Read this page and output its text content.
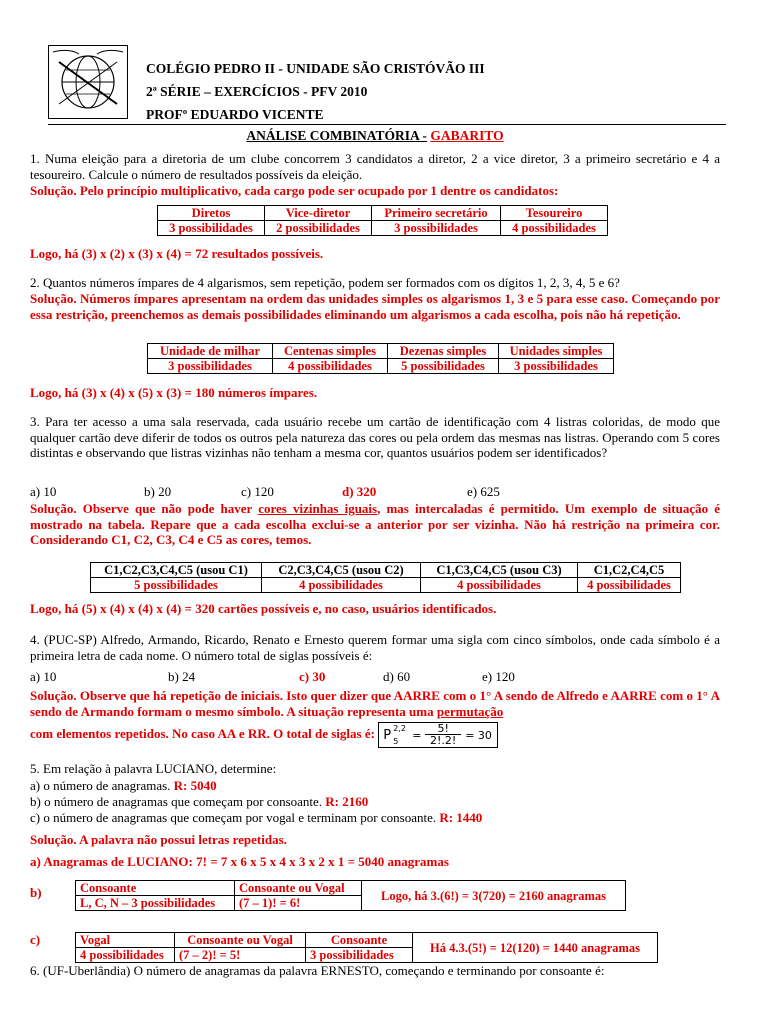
COLÉGIO PEDRO II - UNIDADE SÃO CRISTÓVÃO III
2ª SÉRIE – EXERCÍCIOS - PFV 2010
PROFº EDUARDO VICENTE
ANÁLISE COMBINATÓRIA - GABARITO
1. Numa eleição para a diretoria de um clube concorrem 3 candidatos a diretor, 2 a vice diretor, 3 a primeiro secretário e 4 a tesoureiro. Calcule o número de resultados possíveis da eleição.
Solução. Pelo princípio multiplicativo, cada cargo pode ser ocupado por 1 dentre os candidatos:
Diretos	Vice-diretor	Primeiro secretário	Tesoureiro
3 possibilidades	2 possibilidades	3 possibilidades	4 possibilidades
Logo, há (3) x (2) x (3) x (4) = 72 resultados possíveis.
2. Quantos números ímpares de 4 algarismos, sem repetição, podem ser formados com os dígitos 1, 2, 3, 4, 5 e 6?
Solução. Números ímpares apresentam na ordem das unidades simples os algarismos 1, 3 e 5 para esse caso. Começando por essa restrição, preenchemos as demais possibilidades eliminando um algarismos a cada escolha, pois não há repetição.
Unidade de milhar	Centenas simples	Dezenas simples	Unidades simples
3 possibilidades	4 possibilidades	5 possibilidades	3 possibilidades
Logo, há (3) x (4) x (5) x (3) = 180 números ímpares.
3. Para ter acesso a uma sala reservada, cada usuário recebe um cartão de identificação com 4 listras coloridas, de modo que qualquer cartão deve diferir de todos os outros pela natureza das cores ou pela ordem das mesmas nas listras. Operando com 5 cores distintas e observando que listras vizinhas não tenham a mesma cor, quantos usuários podem ser identificados?
a) 10	b) 20	c) 120	d) 320	e) 625
Solução. Observe que não pode haver cores vizinhas iguais, mas intercaladas é permitido. Um exemplo de situação é mostrado na tabela. Repare que a cada escolha exclui-se a anterior por ser vizinha. Não há restrição na primeira cor. Considerando C1, C2, C3, C4 e C5 as cores, temos.
C1,C2,C3,C4,C5 (usou C1)	C2,C3,C4,C5 (usou C2)	C1,C3,C4,C5 (usou C3)	C1,C2,C4,C5
5 possibilidades	4 possibilidades	4 possibilidades	4 possibilidades
Logo, há (5) x (4) x (4) x (4) = 320 cartões possíveis e, no caso, usuários identificados.
4. (PUC-SP) Alfredo, Armando, Ricardo, Renato e Ernesto querem formar uma sigla com cinco símbolos, onde cada símbolo é a primeira letra de cada nome. O número total de siglas possíveis é:
a) 10	b) 24	c) 30	d) 60	e) 120
Solução. Observe que há repetição de iniciais. Isto quer dizer que AARRE com o 1° A sendo de Alfredo e AARRE com o 1° A sendo de Armando formam o mesmo símbolo. A situação representa uma permutação
com elementos repetidos. No caso AA e RR. O total de siglas é: P 2,2
5 =
5!
2!.2! = 30
5. Em relação à palavra LUCIANO, determine:
a) o número de anagramas. R: 5040
b) o número de anagramas que começam por consoante. R: 2160
c) o número de anagramas que começam por vogal e terminam por consoante. R: 1440
Solução. A palavra não possui letras repetidas.
a) Anagramas de LUCIANO: 7! = 7 x 6 x 5 x 4 x 3 x 2 x 1 = 5040 anagramas
b)	Consoante	Consoante ou Vogal	Logo, há 3.(6!) = 3(720) = 2160 anagramas
L, C, N – 3 possibilidades	(7 – 1)! = 6!	
c)	Vogal	Consoante ou Vogal	Consoante	Há 4.3.(5!) = 12(120) = 1440 anagramas
4 possibilidades	(7 – 2)! = 5!	3 possibilidades	
6. (UF-Uberlândia) O número de anagramas da palavra ERNESTO, começando e terminando por consoante é:
